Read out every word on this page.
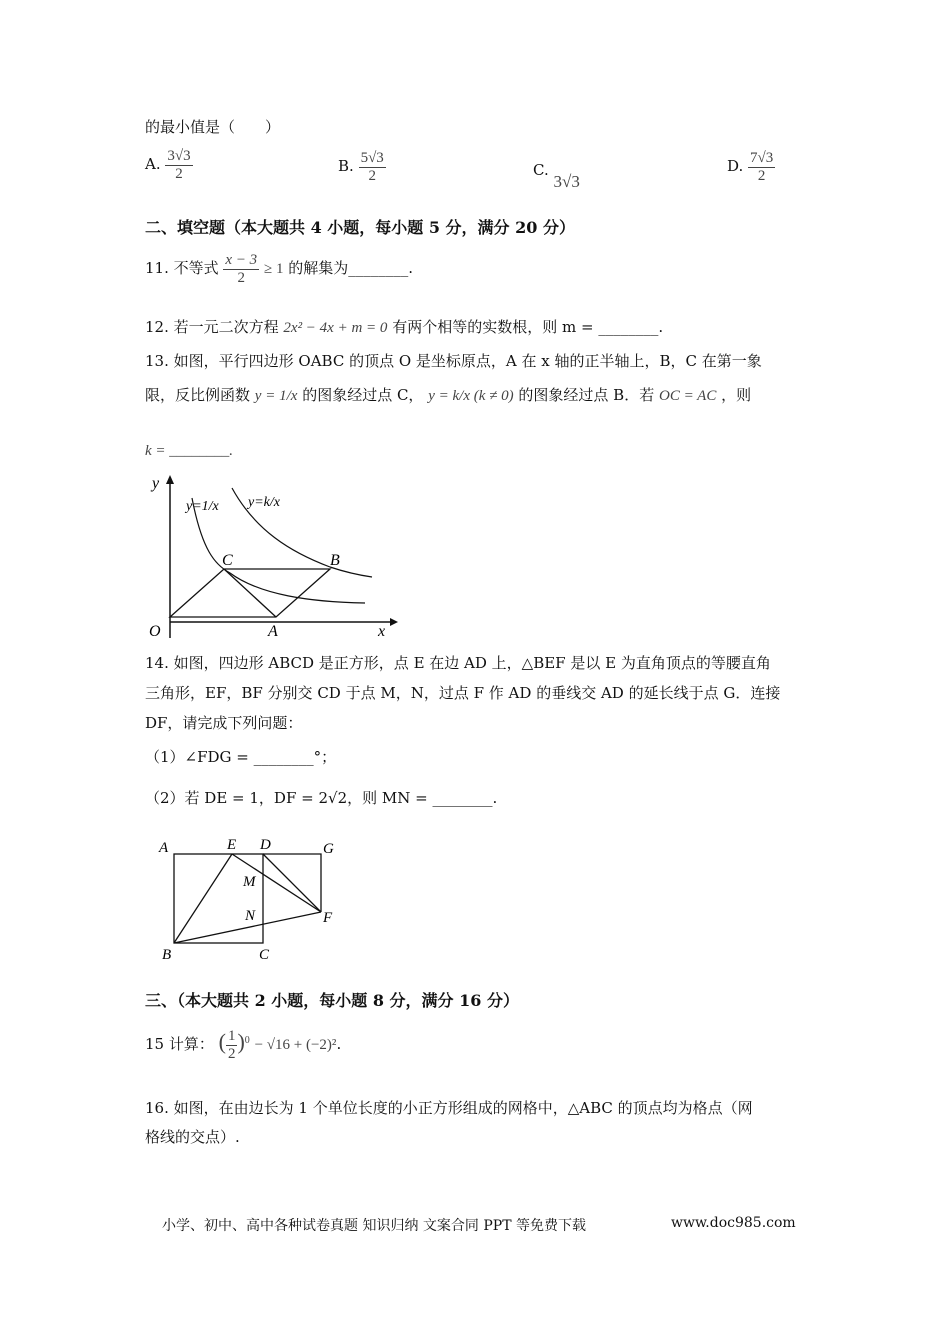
的最小值是（　　）
A. $\frac{3√3}{2}$	B. $\frac{5√3}{2}$	C. 3√3
D. $\frac{7√3}{2}$
二、填空题（本大题共 4 小题，每小题 5 分，满分 20 分）
11. 不等式 $\frac{x - 3}{2} \ge 1$ 的解集为________.
12. 若一元二次方程 2x² − 4x + m = 0 有两个相等的实数根，则 m = ________.
13. 如图，平行四边形 OABC 的顶点 O 是坐标原点，A 在 x 轴的正半轴上，B，C 在第一象
限，反比例函数 y = 1/x 的图象经过点 C， y = k/x (k ≠ 0) 的图象经过点 B．若 OC = AC ，则
k = ________.
y
x
O	A
B
C
y=1/x y=k/x
14. 如图，四边形 ABCD 是正方形，点 E 在边 AD 上，△BEF 是以 E 为直角顶点的等腰直角
三角形，EF，BF 分别交 CD 于点 M，N，过点 F 作 AD 的垂线交 AD 的延长线于点 G．连接
DF，请完成下列问题：
（1）∠FDG = ________°；
（2）若 DE = 1，DF = 2√2，则 MN = ________.
A	E D	G
M
N	F
B	C
三、（本大题共 2 小题，每小题 8 分，满分 16 分）
15 计算： ( $\frac{1}{2} )^0 - √16 + (-2)^2$.
16. 如图，在由边长为 1 个单位长度的小正方形组成的网格中，△ABC 的顶点均为格点（网
格线的交点）.
小学、初中、高中各种试卷真题 知识归纳 文案合同 PPT 等免费下载	www.doc985.com
